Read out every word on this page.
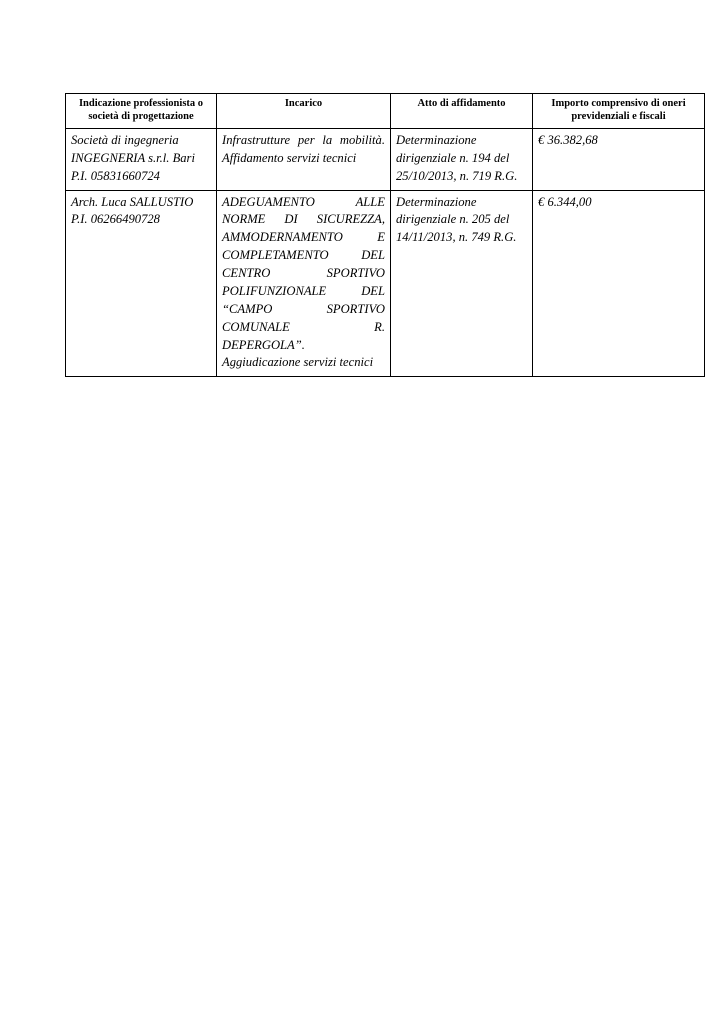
Indicazione professionista o società di progettazione	Incarico	Atto di affidamento	Importo comprensivo di oneri previdenziali e fiscali
Società di ingegneria INGEGNERIA s.r.l. Bari P.I. 05831660724	Infrastrutture per la mobilità. Affidamento servizi tecnici	Determinazione dirigenziale n. 194 del 25/10/2013, n. 719 R.G.	€ 36.382,68
Arch. Luca SALLUSTIO P.I. 06266490728	ADEGUAMENTO ALLE NORME DI SICUREZZA, AMMODERNAMENTO E COMPLETAMENTO DEL CENTRO SPORTIVO POLIFUNZIONALE DEL “CAMPO SPORTIVO COMUNALE R. DEPERGOLA”. Aggiudicazione servizi tecnici	Determinazione dirigenziale n. 205 del 14/11/2013, n. 749 R.G.	€ 6.344,00
